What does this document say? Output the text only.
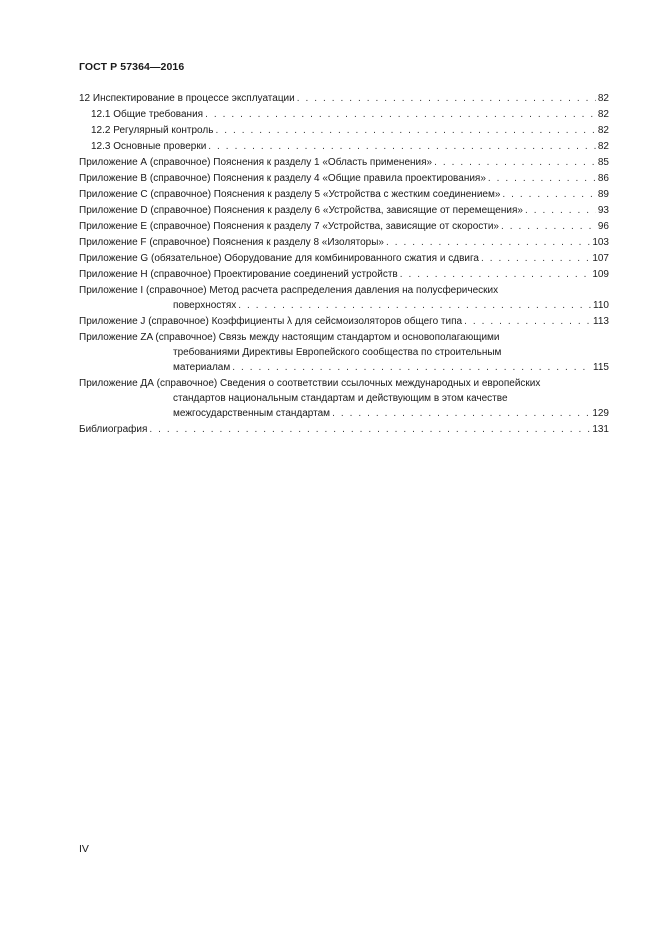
ГОСТ Р 57364—2016
12 Инспектирование в процессе эксплуатации . . .	82
12.1 Общие требования . . .	82
12.2 Регулярный контроль . . .	82
12.3 Основные проверки . . .	82
Приложение А (справочное) Пояснения к разделу 1 «Область применения» . . .	85
Приложение В (справочное) Пояснения к разделу 4 «Общие правила проектирования» . . .	86
Приложение С (справочное) Пояснения к разделу 5 «Устройства с жестким соединением» . . .	89
Приложение D (справочное) Пояснения к разделу 6 «Устройства, зависящие от перемещения» . . .	93
Приложение Е (справочное) Пояснения к разделу 7 «Устройства, зависящие от скорости» . . .	96
Приложение F (справочное) Пояснения к разделу 8 «Изоляторы» . . .	103
Приложение G (обязательное) Оборудование для комбинированного сжатия и сдвига . . .	107
Приложение Н (справочное) Проектирование соединений устройств . . .	109
Приложение I (справочное) Метод расчета распределения давления на полусферических
поверхностях . . .	110
Приложение J (справочное) Коэффициенты λ для сейсмоизоляторов общего типа . . .	113
Приложение ZA (справочное) Связь между настоящим стандартом и основополагающими
требованиями Директивы Европейского сообщества по строительным
материалам . . .	115
Приложение ДА (справочное) Сведения о соответствии ссылочных международных и европейских
стандартов национальным стандартам и действующим в этом качестве
межгосударственным стандартам . . .	129
Библиография . . .	131
IV
